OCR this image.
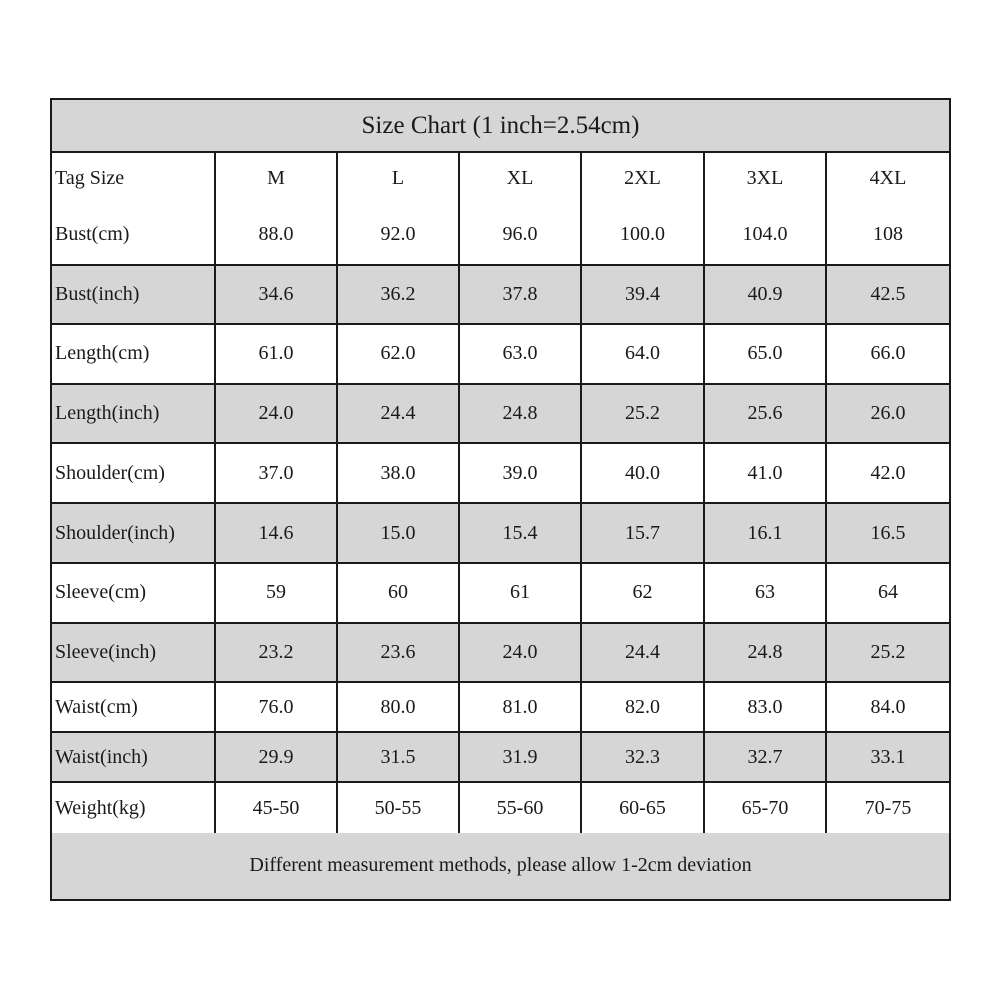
Size Chart (1 inch=2.54cm)						
Tag Size	M	L	XL	2XL	3XL	4XL
Bust(cm)	88.0	92.0	96.0	100.0	104.0	108
Bust(inch)	34.6	36.2	37.8	39.4	40.9	42.5
Length(cm)	61.0	62.0	63.0	64.0	65.0	66.0
Length(inch)	24.0	24.4	24.8	25.2	25.6	26.0
Shoulder(cm)	37.0	38.0	39.0	40.0	41.0	42.0
Shoulder(inch)	14.6	15.0	15.4	15.7	16.1	16.5
Sleeve(cm)	59	60	61	62	63	64
Sleeve(inch)	23.2	23.6	24.0	24.4	24.8	25.2
Waist(cm)	76.0	80.0	81.0	82.0	83.0	84.0
Waist(inch)	29.9	31.5	31.9	32.3	32.7	33.1
Weight(kg)	45-50	50-55	55-60	60-65	65-70	70-75
Different measurement methods, please allow 1-2cm deviation						
